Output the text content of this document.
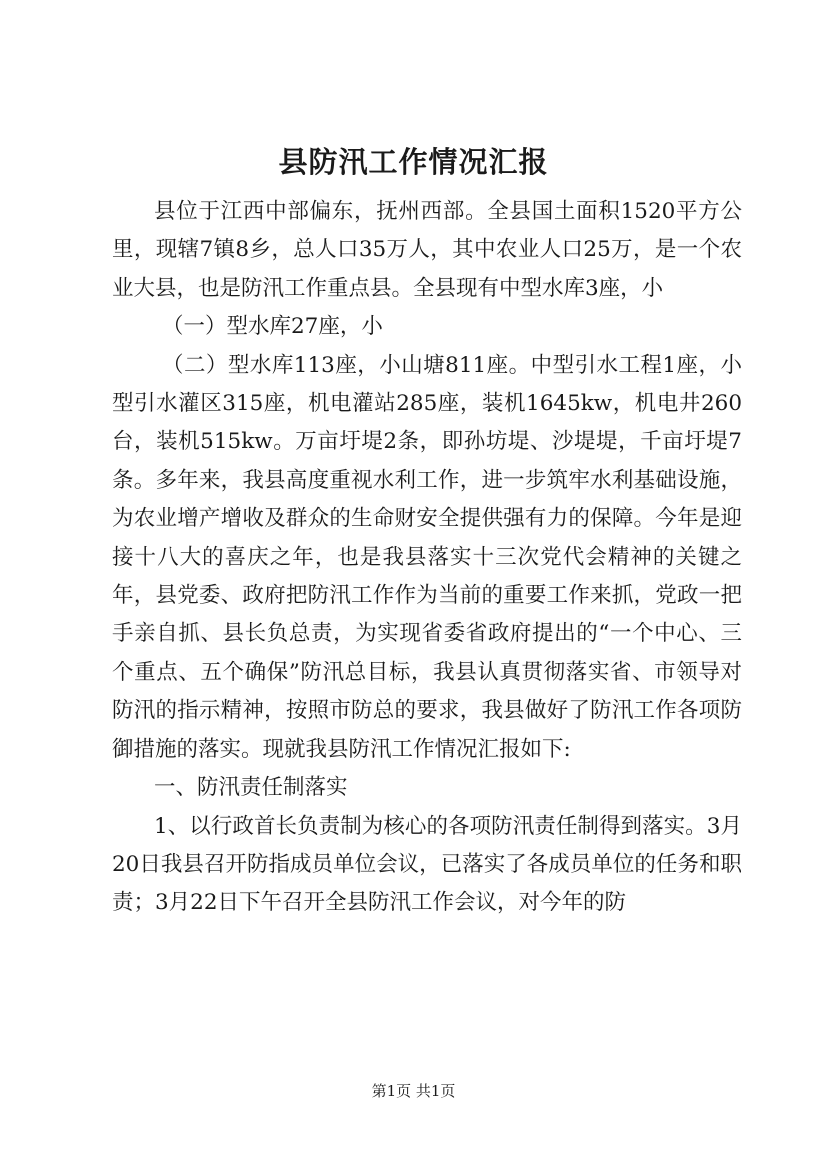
县防汛工作情况汇报

县位于江西中部偏东，抚州西部。全县国土面积1520平方公里，现辖7镇8乡，总人口35万人，其中农业人口25万，是一个农业大县，也是防汛工作重点县。全县现有中型水库3座，小

（一）型水库27座，小

（二）型水库113座，小山塘811座。中型引水工程1座，小型引水灌区315座，机电灌站285座，装机1645kw，机电井260台，装机515kw。万亩圩堤2条，即孙坊堤、沙堤堤，千亩圩堤7条。多年来，我县高度重视水利工作，进一步筑牢水利基础设施，为农业增产增收及群众的生命财安全提供强有力的保障。今年是迎接十八大的喜庆之年，也是我县落实十三次党代会精神的关键之年，县党委、政府把防汛工作作为当前的重要工作来抓，党政一把手亲自抓、县长负总责，为实现省委省政府提出的“一个中心、三个重点、五个确保”防汛总目标，我县认真贯彻落实省、市领导对防汛的指示精神，按照市防总的要求，我县做好了防汛工作各项防御措施的落实。现就我县防汛工作情况汇报如下:

一、防汛责任制落实

1、以行政首长负责制为核心的各项防汛责任制得到落实。3月20日我县召开防指成员单位会议，已落实了各成员单位的任务和职责；3月22日下午召开全县防汛工作会议，对今年的防

第1页 共1页
